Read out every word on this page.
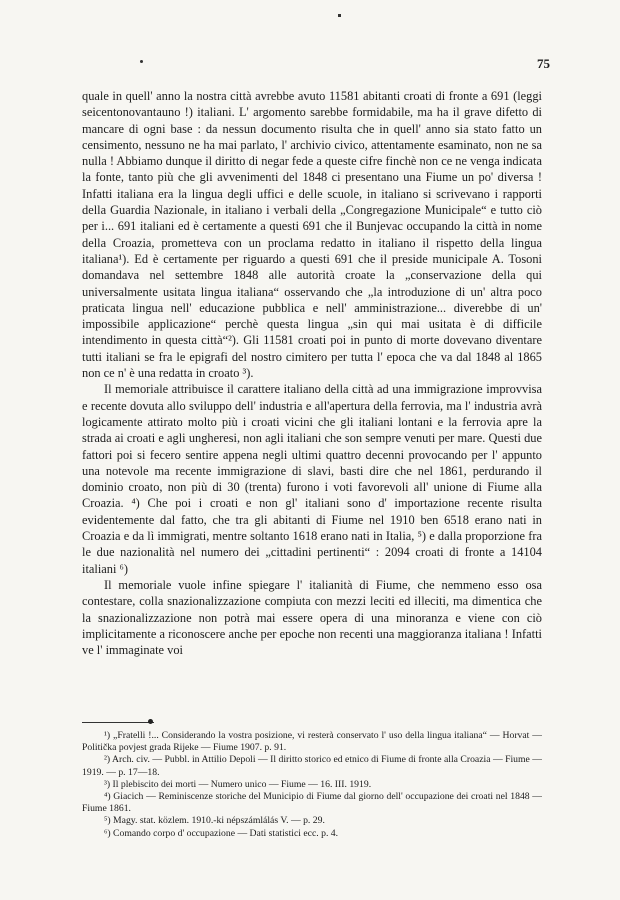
75

quale in quell' anno la nostra città avrebbe avuto 11581 abitanti croati di fronte a 691 (leggi seicentonovantauno !) italiani. L' argomento sarebbe formidabile, ma ha il grave difetto di mancare di ogni base : da nessun documento risulta che in quell' anno sia stato fatto un censimento, nessuno ne ha mai parlato, l' archivio civico, attentamente esaminato, non ne sa nulla ! Abbiamo dunque il diritto di negar fede a queste cifre finchè non ce ne venga indicata la fonte, tanto più che gli avvenimenti del 1848 ci presentano una Fiume un po' diversa ! Infatti italiana era la lingua degli uffici e delle scuole, in italiano si scrivevano i rapporti della Guardia Nazionale, in italiano i verbali della „Congregazione Municipale“ e tutto ciò per i... 691 italiani ed è certamente a questi 691 che il Bunjevac occupando la città in nome della Croazia, prometteva con un proclama redatto in italiano il rispetto della lingua italiana¹). Ed è certamente per riguardo a questi 691 che il preside municipale A. Tosoni domandava nel settembre 1848 alle autorità croate la „conservazione della qui universalmente usitata lingua italiana“ osservando che „la introduzione di un' altra poco praticata lingua nell' educazione pubblica e nell' amministrazione... diverebbe di un' impossibile applicazione“ perchè questa lingua „sin qui mai usitata è di difficile intendimento in questa città“²). Gli 11581 croati poi in punto di morte dovevano diventare tutti italiani se fra le epigrafi del nostro cimitero per tutta l' epoca che va dal 1848 al 1865 non ce n' è una redatta in croato ³).

Il memoriale attribuisce il carattere italiano della città ad una immigrazione improvvisa e recente dovuta allo sviluppo dell' industria e all'apertura della ferrovia, ma l' industria avrà logicamente attirato molto più i croati vicini che gli italiani lontani e la ferrovia apre la strada ai croati e agli ungheresi, non agli italiani che son sempre venuti per mare. Questi due fattori poi si fecero sentire appena negli ultimi quattro decenni provocando per l' appunto una notevole ma recente immigrazione di slavi, basti dire che nel 1861, perdurando il dominio croato, non più di 30 (trenta) furono i voti favorevoli all' unione di Fiume alla Croazia. ⁴) Che poi i croati e non gl' italiani sono d' importazione recente risulta evidentemente dal fatto, che tra gli abitanti di Fiume nel 1910 ben 6518 erano nati in Croazia e da lì immigrati, mentre soltanto 1618 erano nati in Italia, ⁵) e dalla proporzione fra le due nazionalità nel numero dei „cittadini pertinenti“ : 2094 croati di fronte a 14104 italiani ⁶)

Il memoriale vuole infine spiegare l' italianità di Fiume, che nemmeno esso osa contestare, colla snazionalizzazione compiuta con mezzi leciti ed illeciti, ma dimentica che la snazionalizzazione non potrà mai essere opera di una minoranza e viene con ciò implicitamente a riconoscere anche per epoche non recenti una maggioranza italiana ! Infatti ve l' immaginate voi

¹) „Fratelli !... Considerando la vostra posizione, vi resterà conservato l' uso della lingua italiana“ — Horvat — Politička povjest grada Rijeke — Fiume 1907. p. 91.

²) Arch. civ. — Pubbl. in Attilio Depoli — Il diritto storico ed etnico di Fiume di fronte alla Croazia — Fiume — 1919. — p. 17—18.

³) Il plebiscito dei morti — Numero unico — Fiume — 16. III. 1919.

⁴) Giacich — Reminiscenze storiche del Municipio di Fiume dal giorno dell' occupazione dei croati nel 1848 — Fiume 1861.

⁵) Magy. stat. közlem. 1910.-ki népszámlálás V. — p. 29.

⁶) Comando corpo d' occupazione — Dati statistici ecc. p. 4.
